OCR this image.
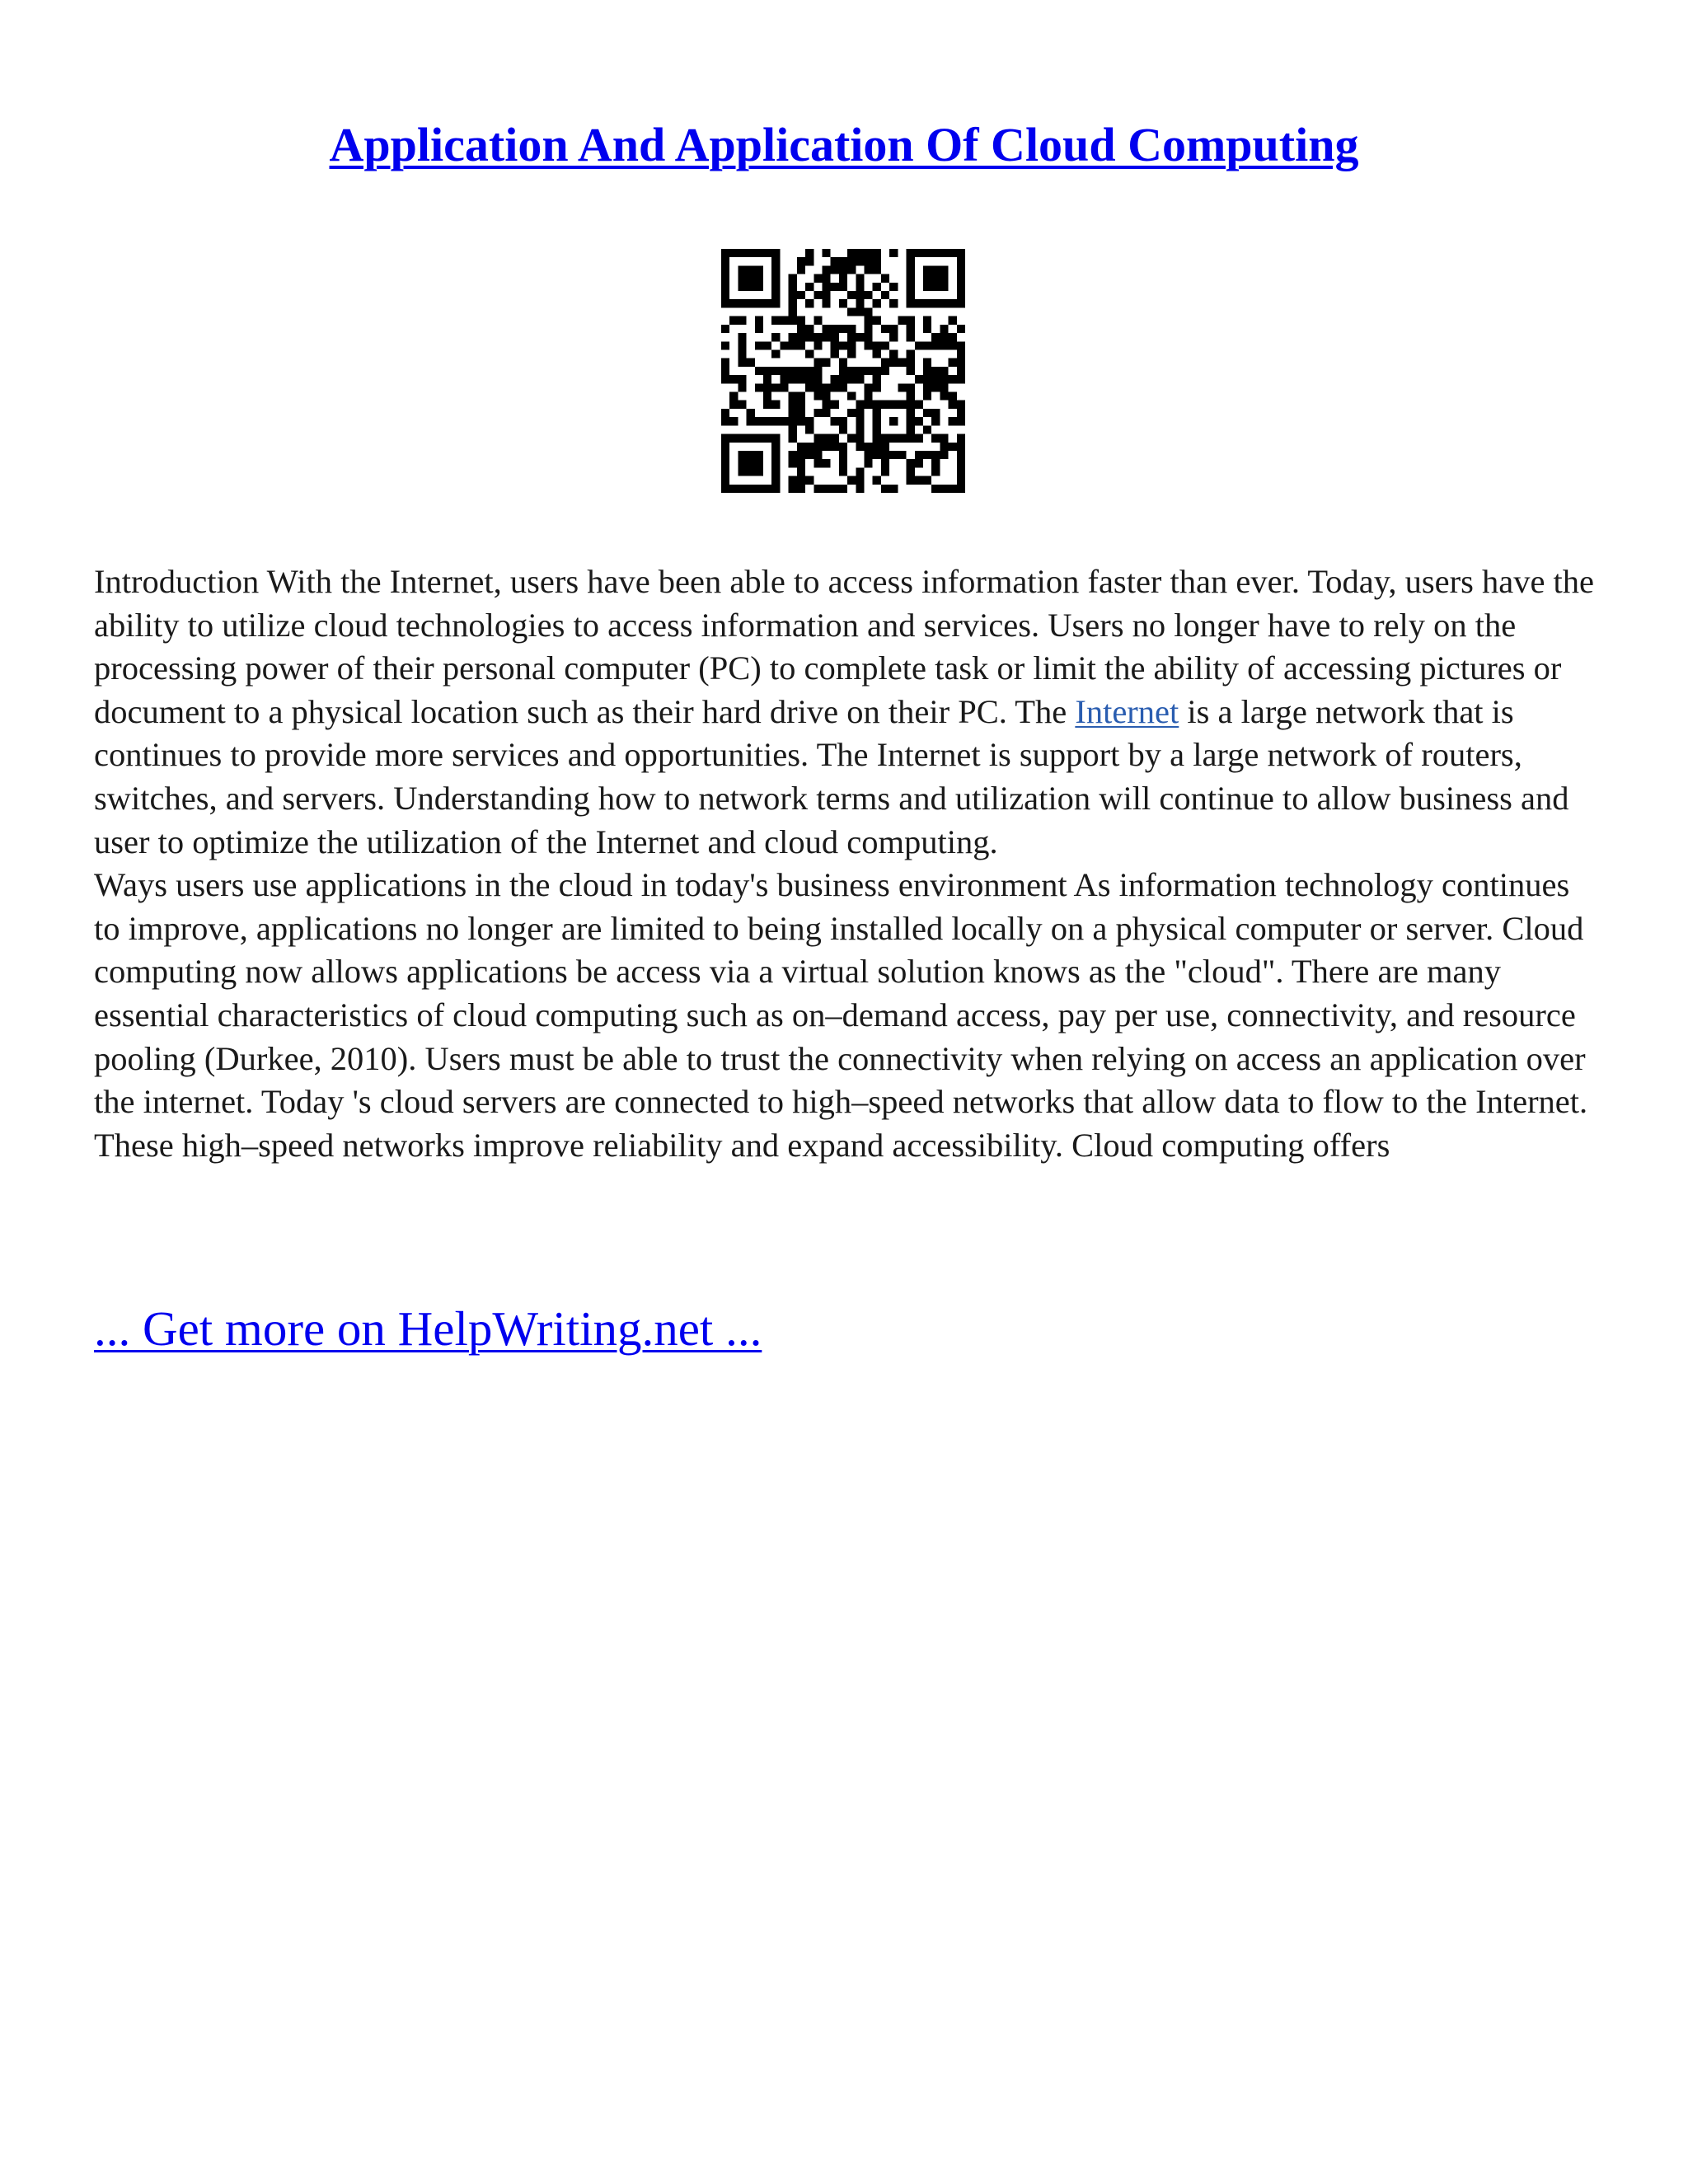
Application And Application Of Cloud Computing

Introduction With the Internet, users have been able to access information faster than ever. Today, users have the ability to utilize cloud technologies to access information and services. Users no longer have to rely on the processing power of their personal computer (PC) to complete task or limit the ability of accessing pictures or document to a physical location such as their hard drive on their PC. The Internet is a large network that is continues to provide more services and opportunities. The Internet is support by a large network of routers, switches, and servers. Understanding how to network terms and utilization will continue to allow business and user to optimize the utilization of the Internet and cloud computing.

Ways users use applications in the cloud in today's business environment As information technology continues to improve, applications no longer are limited to being installed locally on a physical computer or server. Cloud computing now allows applications be access via a virtual solution knows as the "cloud". There are many essential characteristics of cloud computing such as on–demand access, pay per use, connectivity, and resource pooling (Durkee, 2010). Users must be able to trust the connectivity when relying on access an application over the internet. Today 's cloud servers are connected to high–speed networks that allow data to flow to the Internet. These high–speed networks improve reliability and expand accessibility. Cloud computing offers

... Get more on HelpWriting.net ...
